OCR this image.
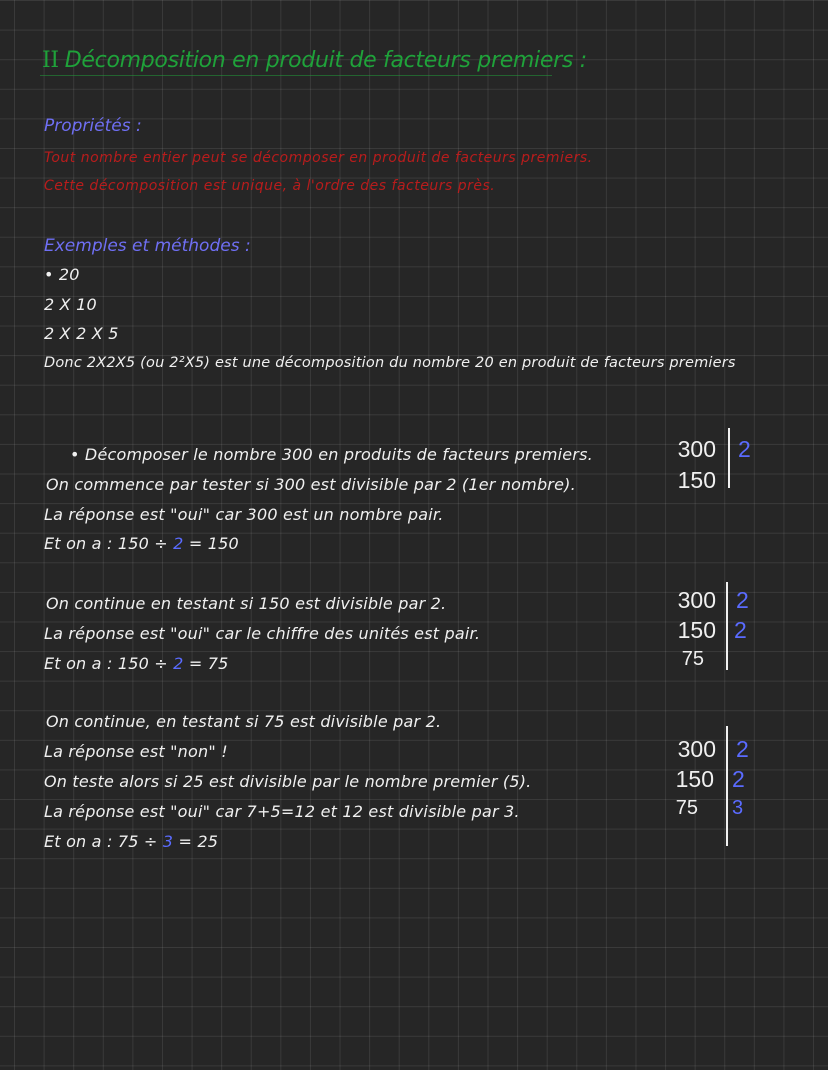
II Décomposition en produit de facteurs premiers :
Propriétés :
Tout nombre entier peut se décomposer en produit de facteurs premiers.
Cette décomposition est unique, à l'ordre des facteurs près.
Exemples et méthodes :
• 20
2 X 10
2 X 2 X 5
Donc 2X2X5 (ou 2²X5) est une décomposition du nombre 20 en produit de facteurs premiers
• Décomposer le nombre 300 en produits de facteurs premiers.
On commence par tester si 300 est divisible par 2 (1er nombre).
La réponse est "oui" car 300 est un nombre pair.
Et on a : 150 ÷ 2 = 150
300
150
2
On continue en testant si 150 est divisible par 2.
La réponse est "oui" car le chiffre des unités est pair.
Et on a : 150 ÷ 2 = 75
300
150
75
2
2
On continue, en testant si 75 est divisible par 2.
La réponse est "non" !
On teste alors si 25 est divisible par le nombre premier (5).
La réponse est "oui" car 7+5=12 et 12 est divisible par 3.
Et on a : 75 ÷ 3 = 25
300
150
75
2
2
3
